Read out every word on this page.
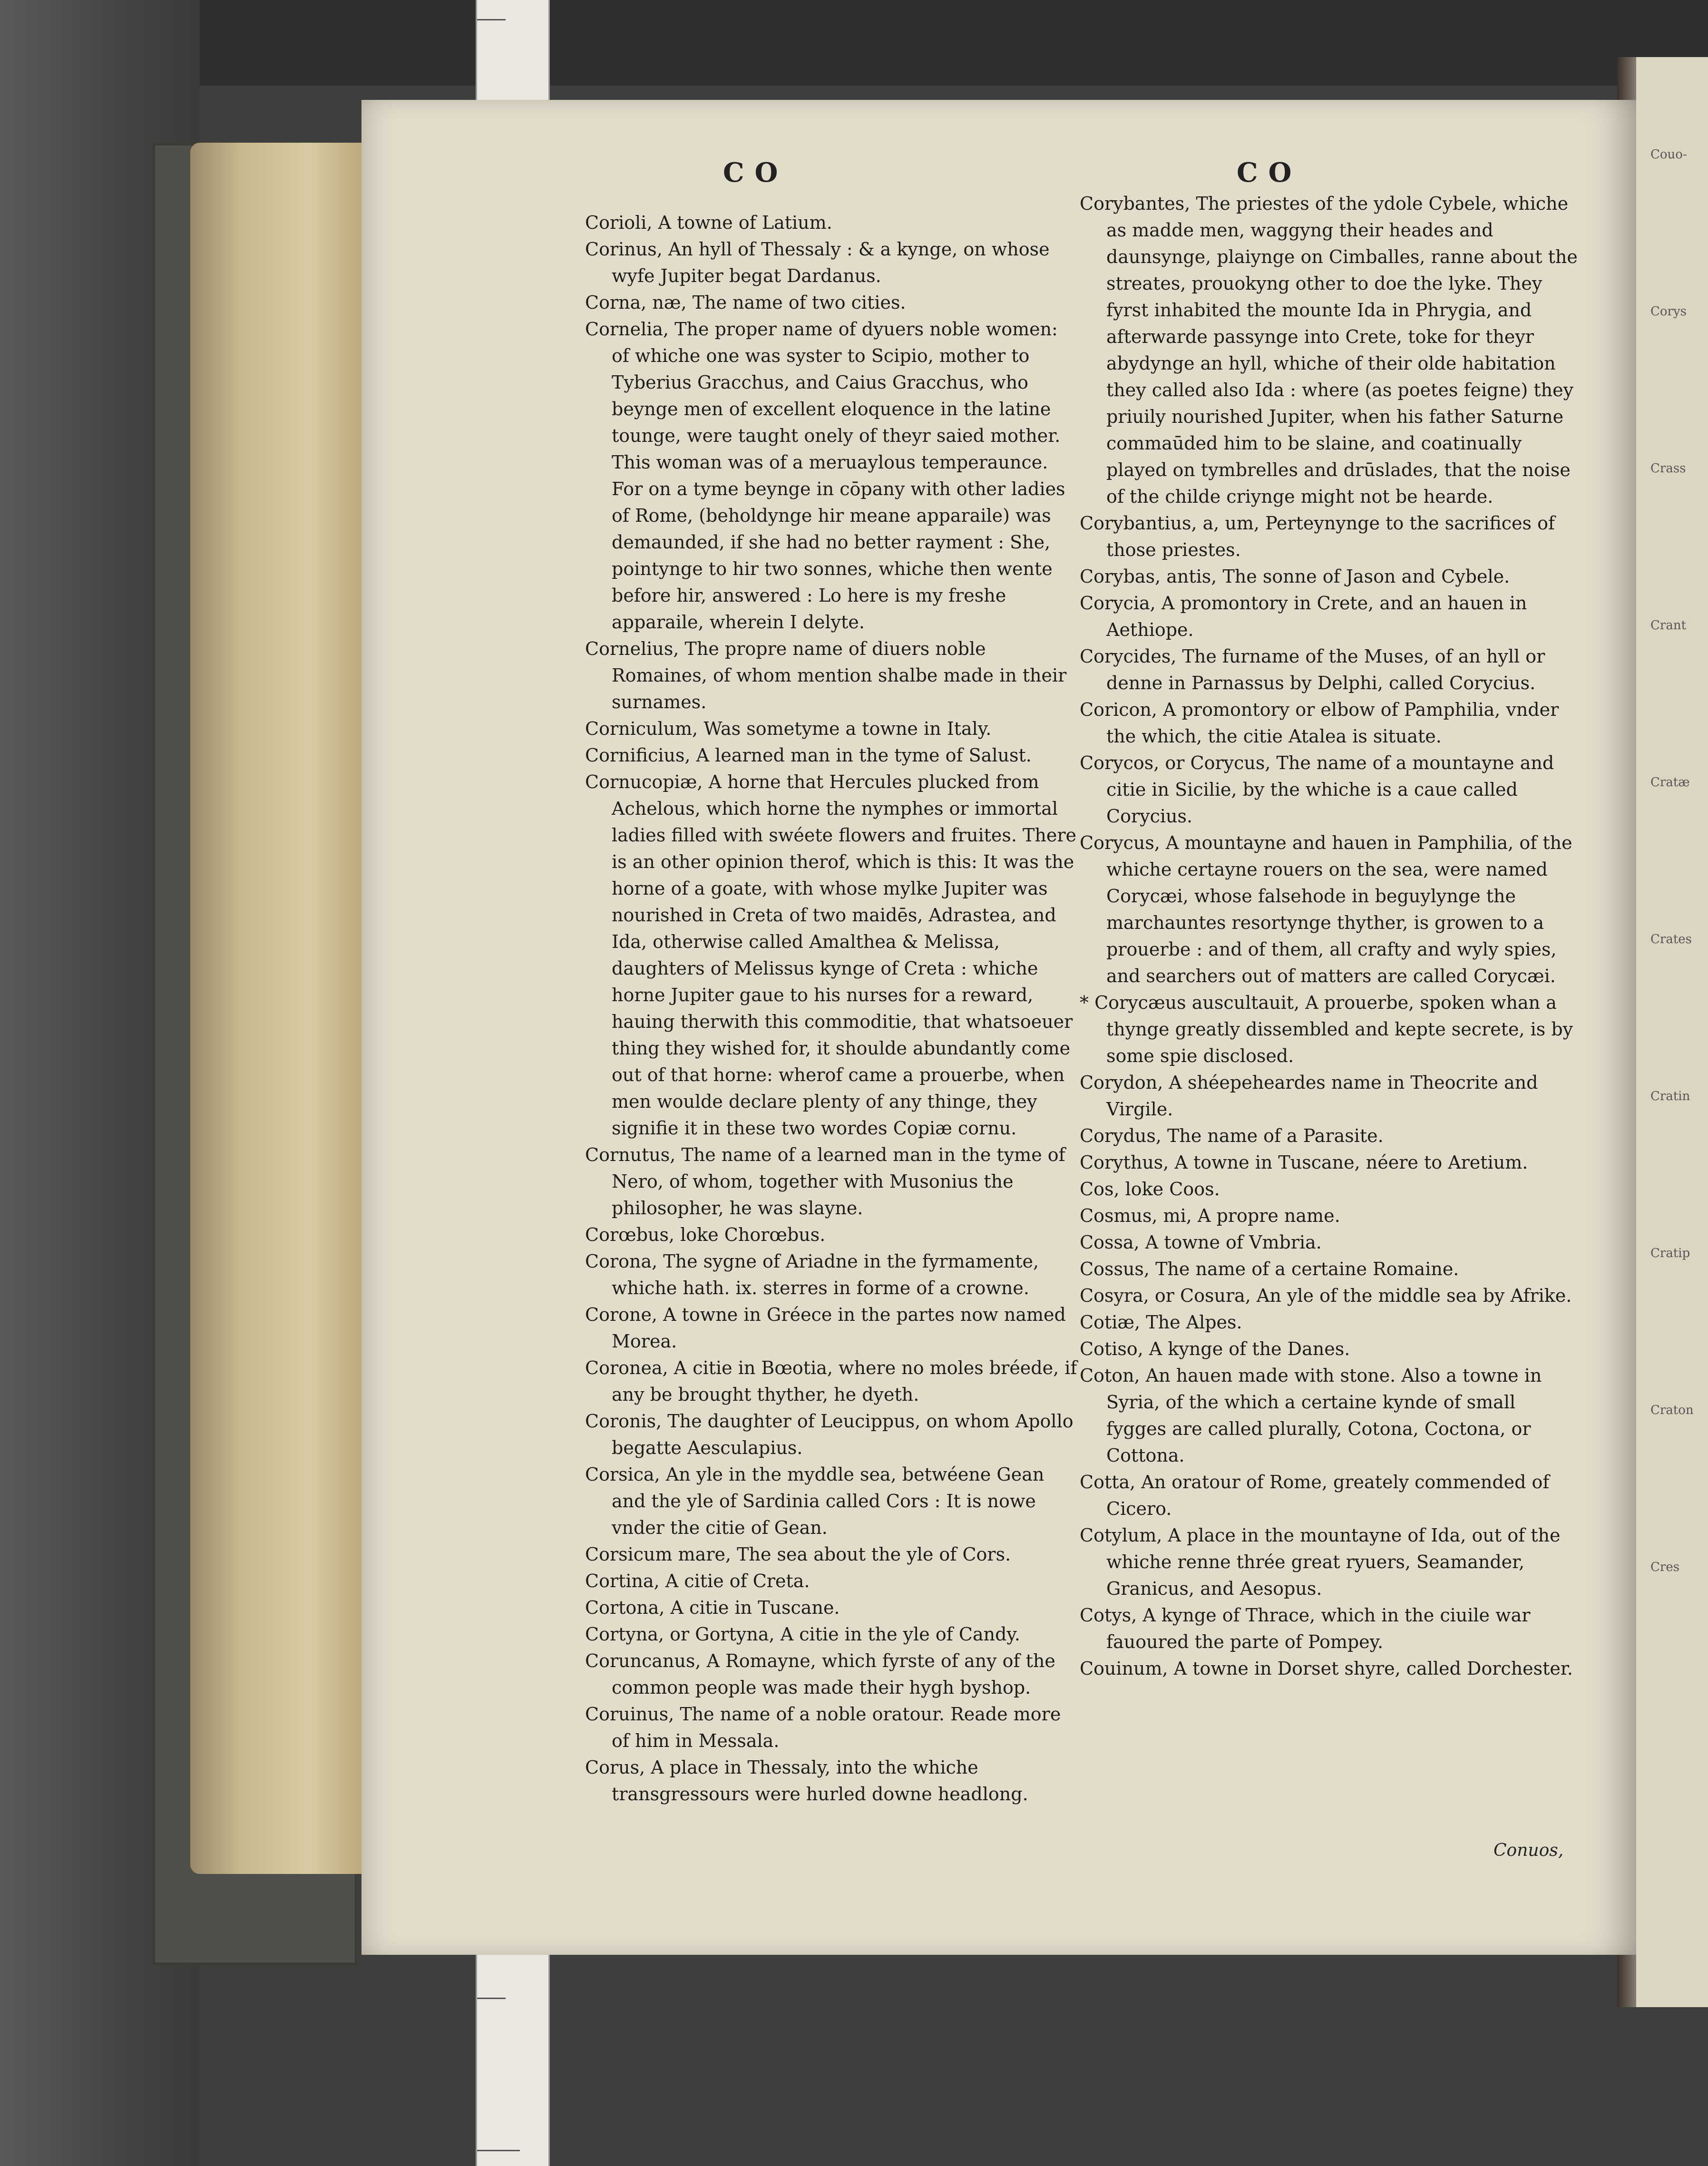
CO	CO

Corioli, A towne of Latium.

Corinus, An hyll of Thessaly : & a kynge, on whose wyfe Jupiter begat Dardanus.

Corna, næ, The name of two cities.

Cornelia, The proper name of dyuers noble women: of whiche one was syster to Scipio, mother to Tyberius Gracchus, and Caius Gracchus, who beynge men of excellent eloquence in the latine tounge, were taught onely of theyr saied mother. This woman was of a meruaylous temperaunce. For on a tyme beynge in cōpany with other ladies of Rome, (beholdynge hir meane apparaile) was demaunded, if she had no better rayment : She, pointynge to hir two sonnes, whiche then wente before hir, answered : Lo here is my freshe apparaile, wherein I delyte.

Cornelius, The propre name of diuers noble Romaines, of whom mention shalbe made in their surnames.

Corniculum, Was sometyme a towne in Italy.

Cornificius, A learned man in the tyme of Salust.

Cornucopiæ, A horne that Hercules plucked from Achelous, which horne the nymphes or immortal ladies filled with swéete flowers and fruites. There is an other opinion therof, which is this: It was the horne of a goate, with whose mylke Jupiter was nourished in Creta of two maidēs, Adrastea, and Ida, otherwise called Amalthea & Melissa, daughters of Melissus kynge of Creta : whiche horne Jupiter gaue to his nurses for a reward, hauing therwith this commoditie, that whatsoeuer thing they wished for, it shoulde abundantly come out of that horne: wherof came a prouerbe, when men woulde declare plenty of any thinge, they signifie it in these two wordes Copiæ cornu.

Cornutus, The name of a learned man in the tyme of Nero, of whom, together with Musonius the philosopher, he was slayne.

Corœbus, loke Chorœbus.

Corona, The sygne of Ariadne in the fyrmamente, whiche hath. ix. sterres in forme of a crowne.

Corone, A towne in Gréece in the partes now named Morea.

Coronea, A citie in Bœotia, where no moles bréede, if any be brought thyther, he dyeth.

Coronis, The daughter of Leucippus, on whom Apollo begatte Aesculapius.

Corsica, An yle in the myddle sea, betwéene Gean and the yle of Sardinia called Cors : It is nowe vnder the citie of Gean.

Corsicum mare, The sea about the yle of Cors.

Cortina, A citie of Creta.

Cortona, A citie in Tuscane.

Cortyna, or Gortyna, A citie in the yle of Candy.

Coruncanus, A Romayne, which fyrste of any of the common people was made their hygh byshop.

Coruinus, The name of a noble oratour. Reade more of him in Messala.

Corus, A place in Thessaly, into the whiche transgressours were hurled downe headlong.

Corybantes, The priestes of the ydole Cybele, whiche as madde men, waggyng their heades and daunsynge, plaiynge on Cimballes, ranne about the streates, prouokyng other to doe the lyke. They fyrst inhabited the mounte Ida in Phrygia, and afterwarde passynge into Crete, toke for theyr abydynge an hyll, whiche of their olde habitation they called also Ida : where (as poetes feigne) they priuily nourished Jupiter, when his father Saturne commaūded him to be slaine, and coatinually played on tymbrelles and drūslades, that the noise of the childe criynge might not be hearde.

Corybantius, a, um, Perteynynge to the sacrifices of those priestes.

Corybas, antis, The sonne of Jason and Cybele.

Corycia, A promontory in Crete, and an hauen in Aethiope.

Corycides, The furname of the Muses, of an hyll or denne in Parnassus by Delphi, called Corycius.

Coricon, A promontory or elbow of Pamphilia, vnder the which, the citie Atalea is situate.

Corycos, or Corycus, The name of a mountayne and citie in Sicilie, by the whiche is a caue called Corycius.

Corycus, A mountayne and hauen in Pamphilia, of the whiche certayne rouers on the sea, were named Corycæi, whose falsehode in beguylynge the marchauntes resortynge thyther, is growen to a prouerbe : and of them, all crafty and wyly spies, and searchers out of matters are called Corycæi.

* Corycæus auscultauit, A prouerbe, spoken whan a thynge greatly dissembled and kepte secrete, is by some spie disclosed.

Corydon, A shéepeheardes name in Theocrite and Virgile.

Corydus, The name of a Parasite.

Corythus, A towne in Tuscane, néere to Aretium.

Cos, loke Coos.

Cosmus, mi, A propre name.

Cossa, A towne of Vmbria.

Cossus, The name of a certaine Romaine.

Cosyra, or Cosura, An yle of the middle sea by Afrike.

Cotiæ, The Alpes.

Cotiso, A kynge of the Danes.

Coton, An hauen made with stone. Also a towne in Syria, of the which a certaine kynde of small fygges are called plurally, Cotona, Coctona, or Cottona.

Cotta, An oratour of Rome, greately commended of Cicero.

Cotylum, A place in the mountayne of Ida, out of the whiche renne thrée great ryuers, Seamander, Granicus, and Aesopus.

Cotys, A kynge of Thrace, which in the ciuile war fauoured the parte of Pompey.

Couinum, A towne in Dorset shyre, called Dorchester.

Conuos,
Couo-
Corys
Crass
Crant
Cratæ
Crates
Cratin
Cratip
Craton
Cres
